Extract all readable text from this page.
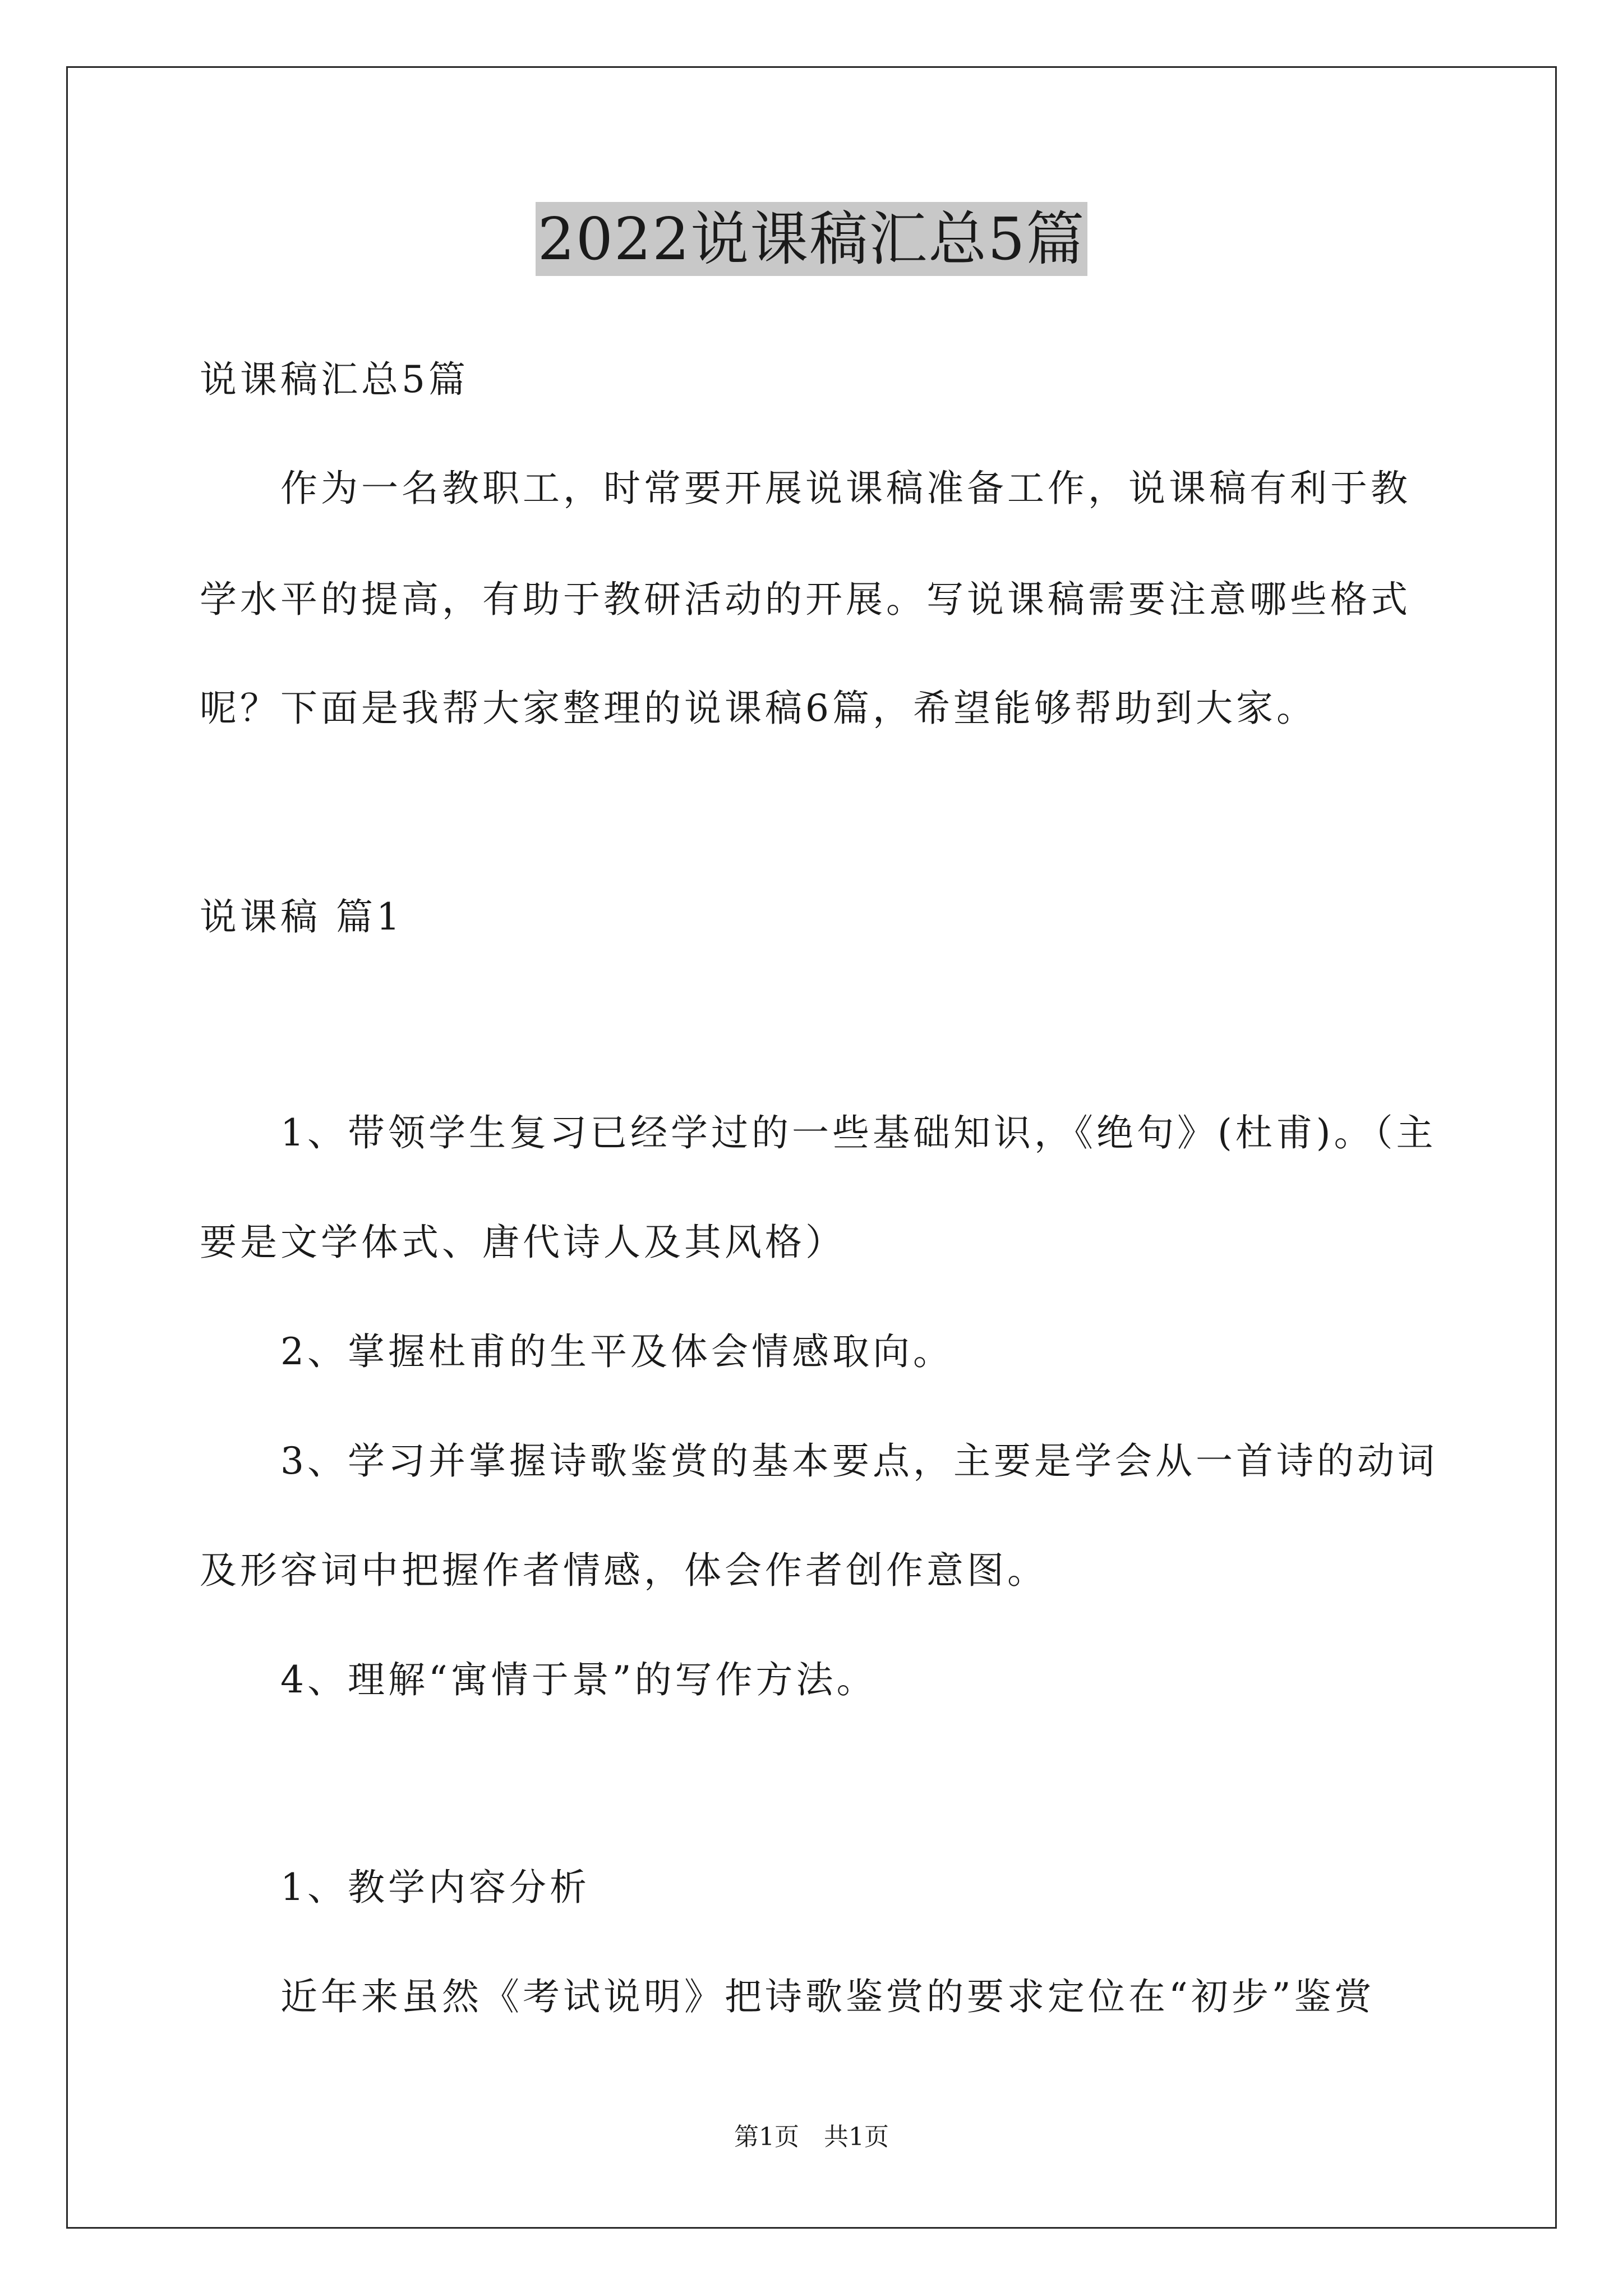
2022说课稿汇总5篇
说课稿汇总5篇
作为一名教职工，时常要开展说课稿准备工作，说课稿有利于教
学水平的提高，有助于教研活动的开展。写说课稿需要注意哪些格式
呢？下面是我帮大家整理的说课稿6篇，希望能够帮助到大家。
说课稿 篇1
1、带领学生复习已经学过的一些基础知识，《绝句》(杜甫)。（主
要是文学体式、唐代诗人及其风格）
2、掌握杜甫的生平及体会情感取向。
3、学习并掌握诗歌鉴赏的基本要点，主要是学会从一首诗的动词
及形容词中把握作者情感，体会作者创作意图。
4、理解“寓情于景”的写作方法。
1、教学内容分析
近年来虽然《考试说明》把诗歌鉴赏的要求定位在“初步”鉴赏
第1页　共1页
